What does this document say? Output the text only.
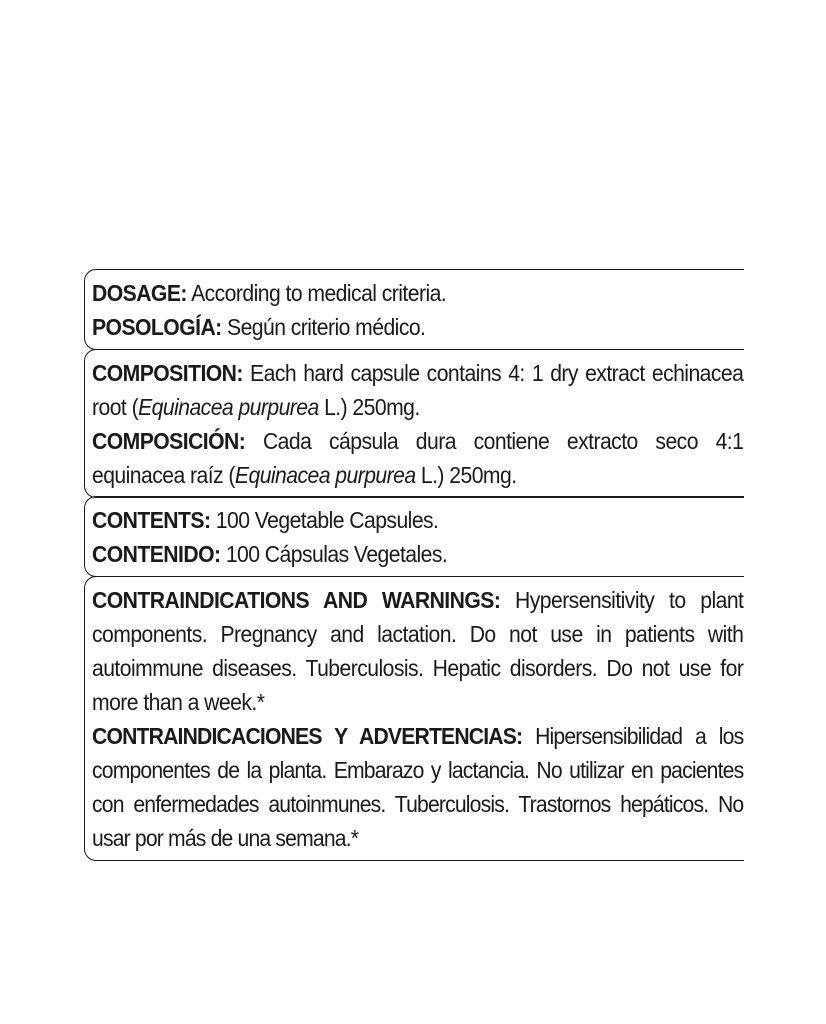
DOSAGE: According to medical criteria.

POSOLOGÍA: Según criterio médico.

COMPOSITION: Each hard capsule contains 4: 1 dry extract echinacea root (Equinacea purpurea L.) 250mg.

COMPOSICIÓN: Cada cápsula dura contiene extracto seco 4:1 equinacea raíz (Equinacea purpurea L.) 250mg.

CONTENTS: 100 Vegetable Capsules.

CONTENIDO: 100 Cápsulas Vegetales.

CONTRAINDICATIONS AND WARNINGS: Hypersensitivity to plant components. Pregnancy and lactation. Do not use in patients with autoimmune diseases. Tuberculosis. Hepatic disorders. Do not use for more than a week.*

CONTRAINDICACIONES Y ADVERTENCIAS: Hipersensibilidad a los componentes de la planta. Embarazo y lactancia. No utilizar en pacientes con enfermedades autoinmunes. Tuberculosis. Trastornos hepáticos. No usar por más de una semana.*
